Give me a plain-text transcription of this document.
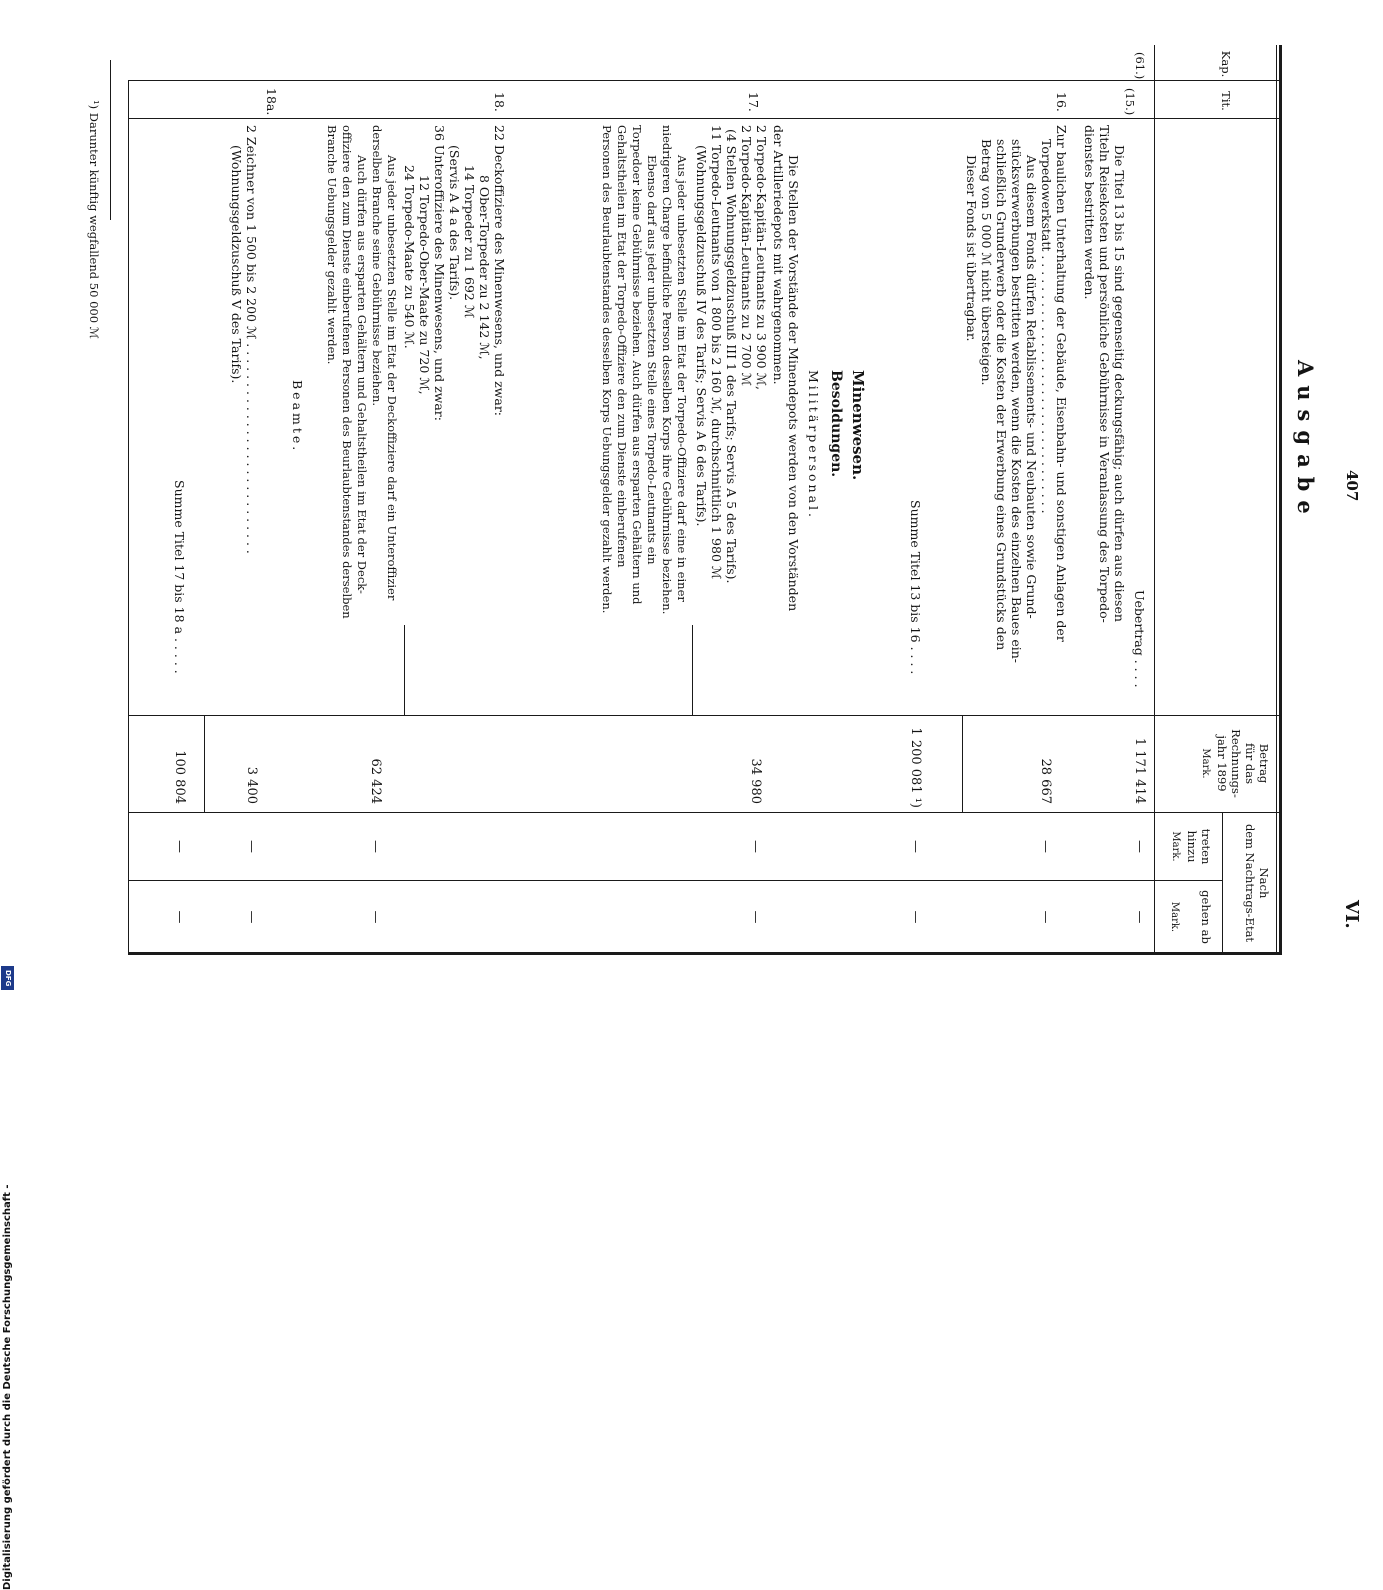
407
VI.
Ausgabe
Kap.
Tit.
Betrag
für das
Rechnungs-
jahr 1899
Mark.
Nach
dem Nachtrags-Etat
treten
hinzu
Mark.
gehen ab
Mark.
(61.)
(15.)
Uebertrag . . . .
1 171 414
—
—
Die Titel 13 bis 15 sind gegenseitig deckungsfähig; auch dürfen aus diesen
Titeln Reisekosten und persönliche Gebührnisse in Veranlassung des Torpedo-
dienstes bestritten werden.
16.
Zur baulichen Unterhaltung der Gebäude, Eisenbahn- und sonstigen Anlagen der
Torpedowerkstatt . . . . . . . . . . . . . . . . . . . . . . . . . . . . . . . . .
Aus diesem Fonds dürfen Retablissements- und Neubauten sowie Grund-
stücksverwerbungen bestritten werden, wenn die Kosten des einzelnen Baues ein-
schließlich Grunderwerb oder die Kosten der Erwerbung eines Grundstücks den
Betrag von 5 000 ℳ nicht übersteigen.
Dieser Fonds ist übertragbar.
28 667
—
—
Summe Titel 13 bis 16 . . . .
1 200 081 ¹)
—
—
Minenwesen.
Besoldungen.
Militärpersonal.
17.
Die Stellen der Vorstände der Minendepots werden von den Vorständen
der Artilleriedepots mit wahrgenommen.
2 Torpedo-Kapitän-Leutnants zu 3 900 ℳ,
2 Torpedo-Kapitän-Leutnants zu 2 700 ℳ
(4 Stellen Wohnungsgeldzuschuß III 1 des Tarifs; Servis A 5 des Tarifs).
11 Torpedo-Leutnants von 1 800 bis 2 160 ℳ, durchschnittlich 1 980 ℳ
(Wohnungsgeldzuschuß IV des Tarifs; Servis A 6 des Tarifs).
Aus jeder unbesetzten Stelle im Etat der Torpedo-Offiziere darf eine in einer
niedrigeren Charge befindliche Person desselben Korps ihre Gebührnisse beziehen.
Ebenso darf aus jeder unbesetzten Stelle eines Torpedo-Leutnants ein
Torpedoer keine Gebührnisse beziehen. Auch dürfen aus ersparten Gehältern und
Gehaltstheilen im Etat der Torpedo-Offiziere den zum Dienste einberufenen
Personen des Beurlaubtenstandes desselben Korps Uebungsgelder gezahlt werden.
34 980
—
—
18.
22 Deckoffiziere des Minenwesens, und zwar:
8 Ober-Torpeder zu 2 142 ℳ,
14 Torpeder zu 1 692 ℳ
(Servis A 4 a des Tarifs).
36 Unteroffiziere des Minenwesens, und zwar:
12 Torpedo-Ober-Maate zu 720 ℳ,
24 Torpedo-Maate zu 540 ℳ.
Aus jeder unbesetzten Stelle im Etat der Deckoffiziere darf ein Unteroffizier
derselben Branche seine Gebührnisse beziehen.
Auch dürfen aus ersparten Gehältern und Gehaltstheilen im Etat der Deck-
offiziere den zum Dienste einberufenen Personen des Beurlaubtenstandes derselben
Branche Uebungsgelder gezahlt werden.
62 424
—
—
Beamte.
18a.
2 Zeichner von 1 500 bis 2 200 ℳ . . . . . . . . . . . . . . . . . . . . . . . . . . .
(Wohnungsgeldzuschuß V des Tarifs).
3 400
—
—
Summe Titel 17 bis 18 a . . . . .
100 804
—
—
¹) Darunter künftig wegfallend 50 000 ℳ
Digitalisierung gefördert durch die Deutsche Forschungsgemeinschaft -
DFG
